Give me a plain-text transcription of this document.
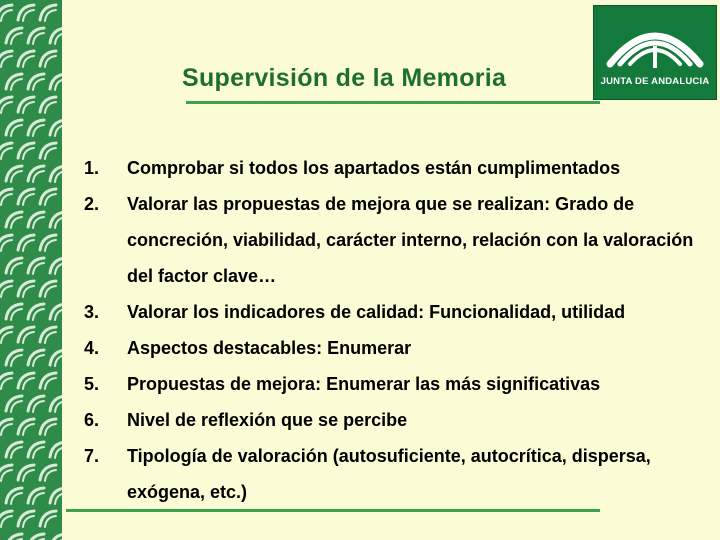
Supervisión de la Memoria	JUNTA DE ANDALUCIA
1. Comprobar si todos los apartados están cumplimentados
2. Valorar las propuestas de mejora que se realizan: Grado de concreción, viabilidad, carácter interno, relación con la valoración del factor clave…
3. Valorar los indicadores de calidad: Funcionalidad, utilidad
4. Aspectos destacables: Enumerar
5. Propuestas de mejora: Enumerar las más significativas
6. Nivel de reflexión que se percibe
7. Tipología de valoración (autosuficiente, autocrítica, dispersa, exógena, etc.)
